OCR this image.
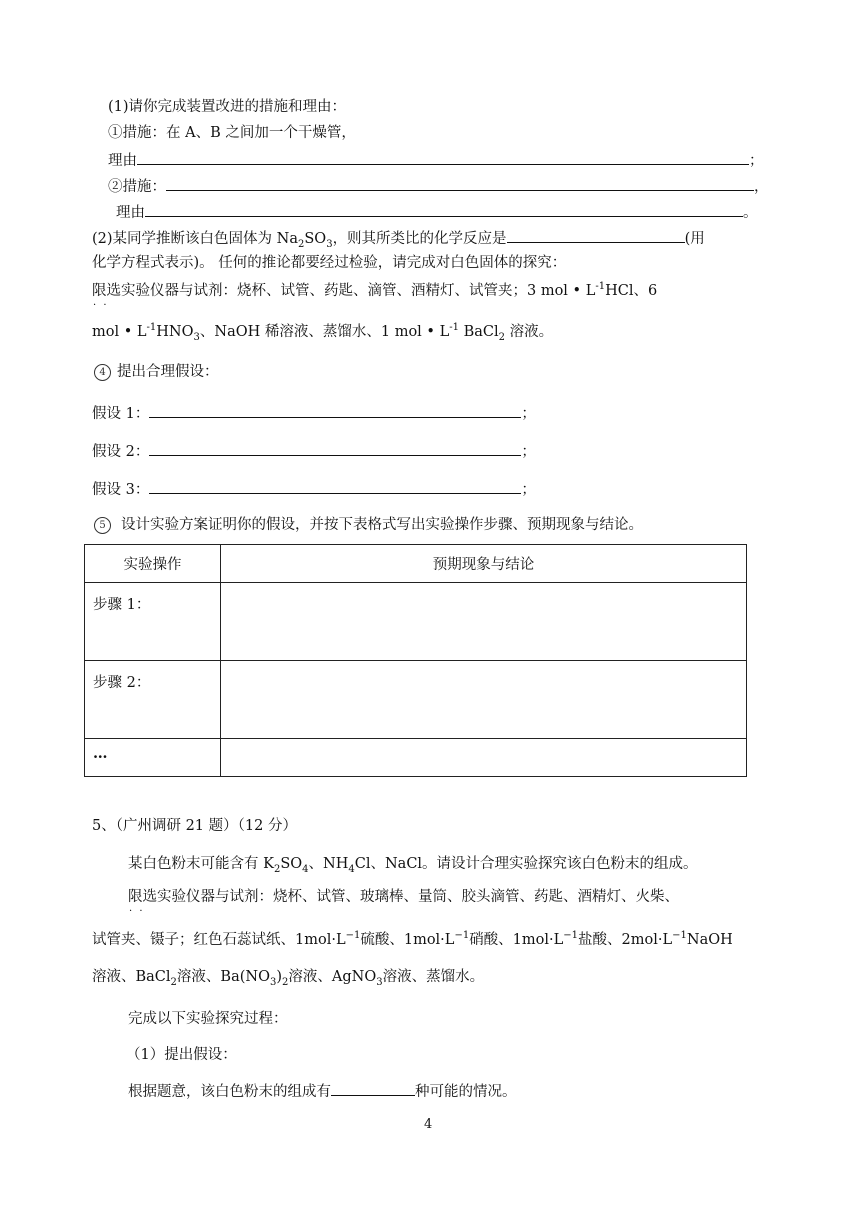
(1)请你完成装置改进的措施和理由：
①措施：在 A、B 之间加一个干燥管，
理由	；
②措施：	，
理由	。
(2)某同学推断该白色固体为 $Na_2SO_3$，则其所类比的化学反应是	(用
化学方程式表示)。 任何的推论都要经过检验，请完成对白色固体的探究：
限选 · ·实验仪器与试剂：烧杯、试管、药匙、滴管、酒精灯、试管夹；3 mol • $L^{-1}HCl$、6
mol • $L^{-1}HNO_3$、NaOH 稀溶液、蒸馏水、1 mol • $L^{-1}$ BaCl$_2$ 溶液。
4 提出合理假设：
假设 1：	；
假设 2：	；
假设 3：	；
5 设计实验方案证明你的假设，并按下表格式写出实验操作步骤、预期现象与结论。
实验操作	预期现象与结论

步骤 1：	

步骤 2：	

…	

5、（广州调研 21 题）（12 分）
某白色粉末可能含有 $K_2SO_4$、$NH_4Cl$、NaCl。请设计合理实验探究该白色粉末的组成。
限选 · ·实验仪器与试剂：烧杯、试管、玻璃棒、量筒、胶头滴管、药匙、酒精灯、火柴、
试管夹、镊子；红色石蕊试纸、$1mol\cdot L^{-1}$硫酸、$1mol\cdot L^{-1}$硝酸、$1mol\cdot L^{-1}$盐酸、$2mol\cdot L^{-1}NaOH$
溶液、BaCl$_2$溶液、$Ba(NO_3)_2$溶液、AgNO$_3$溶液、蒸馏水。
完成以下实验探究过程：
（1）提出假设：
根据题意，该白色粉末的组成有	种可能的情况。
4
